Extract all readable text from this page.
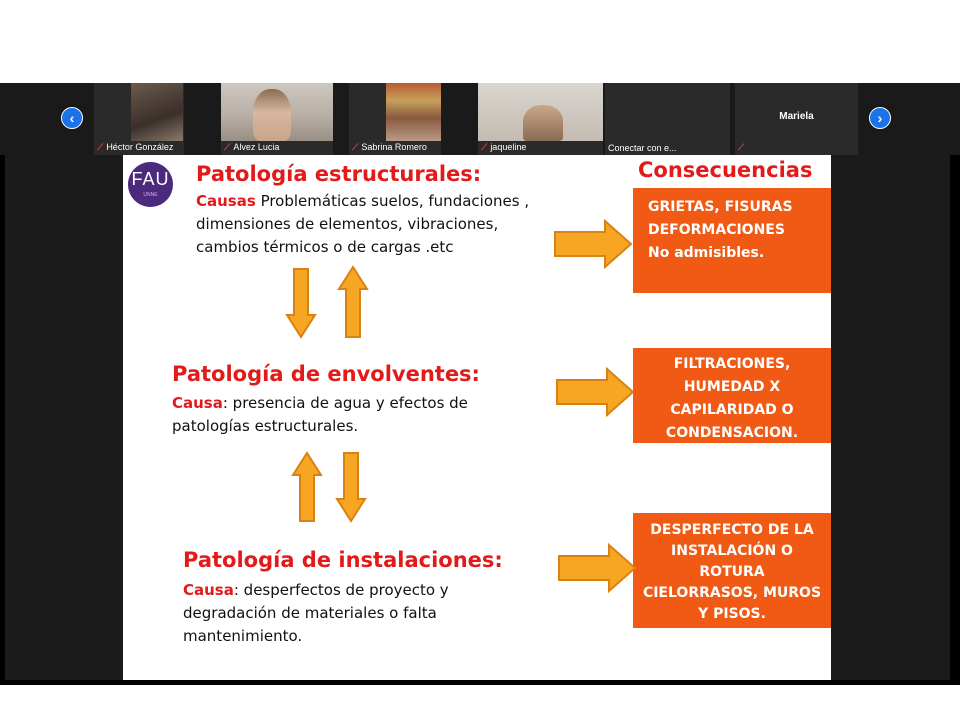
‹
⟋ Héctor González	⟋ Alvez Lucia	⟋ Sabrina Romero	⟋ jaqueline	Conectar con e...
Mariela
⟋
›
FAU
UNNE
Patología estructurales:
Causas Problemáticas suelos, fundaciones , dimensiones de elementos, vibraciones, cambios térmicos o de cargas .etc
Consecuencias
GRIETAS, FISURAS
DEFORMACIONES
No admisibles.
Patología de envolventes:
Causa: presencia de agua y efectos de patologías estructurales.
FILTRACIONES,
HUMEDAD X
CAPILARIDAD O
CONDENSACION.
Patología de instalaciones:
Causa: desperfectos de proyecto y degradación de materiales o falta mantenimiento.
DESPERFECTO DE LA
INSTALACIÓN O
ROTURA
CIELORRASOS, MUROS
Y PISOS.
